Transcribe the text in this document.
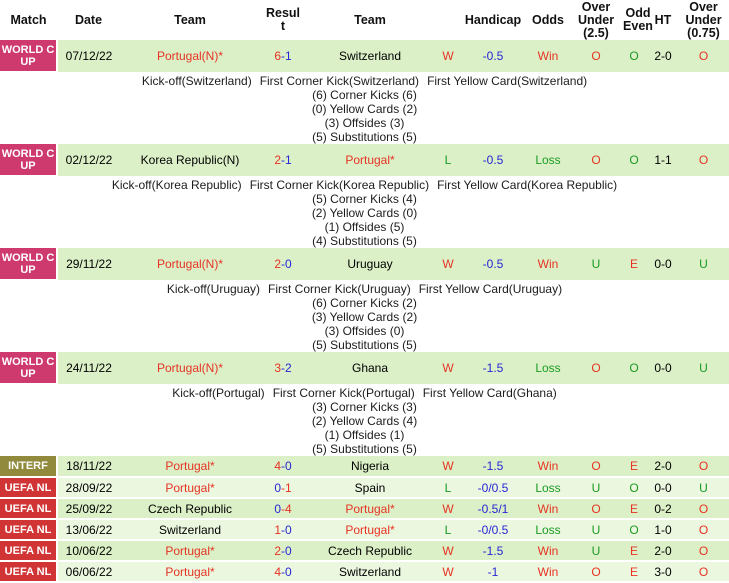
Match	Date	Team	Result	Team		Handicap	Odds	Over Under (2.5)	Odd Even	HT	Over Under (0.75)

WORLD CUP	07/12/22	Portugal(N)*	6-1	Switzerland	W	-0.5	Win	O	O	2-0	O

Kick-off(Switzerland) First Corner Kick(Switzerland) First Yellow Card(Switzerland)
(6) Corner Kicks (6)
(0) Yellow Cards (2)
(3) Offsides (3)
(5) Substitutions (5)											

WORLD CUP	02/12/22	Korea Republic(N)	2-1	Portugal*	L	-0.5	Loss	O	O	1-1	O

Kick-off(Korea Republic) First Corner Kick(Korea Republic) First Yellow Card(Korea Republic)
(5) Corner Kicks (4)
(2) Yellow Cards (0)
(1) Offsides (5)
(4) Substitutions (5)											

WORLD CUP	29/11/22	Portugal(N)*	2-0	Uruguay	W	-0.5	Win	U	E	0-0	U

Kick-off(Uruguay) First Corner Kick(Uruguay) First Yellow Card(Uruguay)
(6) Corner Kicks (2)
(3) Yellow Cards (2)
(3) Offsides (0)
(5) Substitutions (5)											

WORLD CUP	24/11/22	Portugal(N)*	3-2	Ghana	W	-1.5	Loss	O	O	0-0	U

Kick-off(Portugal) First Corner Kick(Portugal) First Yellow Card(Ghana)
(3) Corner Kicks (3)
(2) Yellow Cards (4)
(1) Offsides (1)
(5) Substitutions (5)											

INTERF	18/11/22	Portugal*	4-0	Nigeria	W	-1.5	Win	O	E	2-0	O

UEFA NL	28/09/22	Portugal*	0-1	Spain	L	-0/0.5	Loss	U	O	0-0	U

UEFA NL	25/09/22	Czech Republic	0-4	Portugal*	W	-0.5/1	Win	O	E	0-2	O

UEFA NL	13/06/22	Switzerland	1-0	Portugal*	L	-0/0.5	Loss	U	O	1-0	O

UEFA NL	10/06/22	Portugal*	2-0	Czech Republic	W	-1.5	Win	U	E	2-0	O

UEFA NL	06/06/22	Portugal*	4-0	Switzerland	W	-1	Win	O	E	3-0	O
